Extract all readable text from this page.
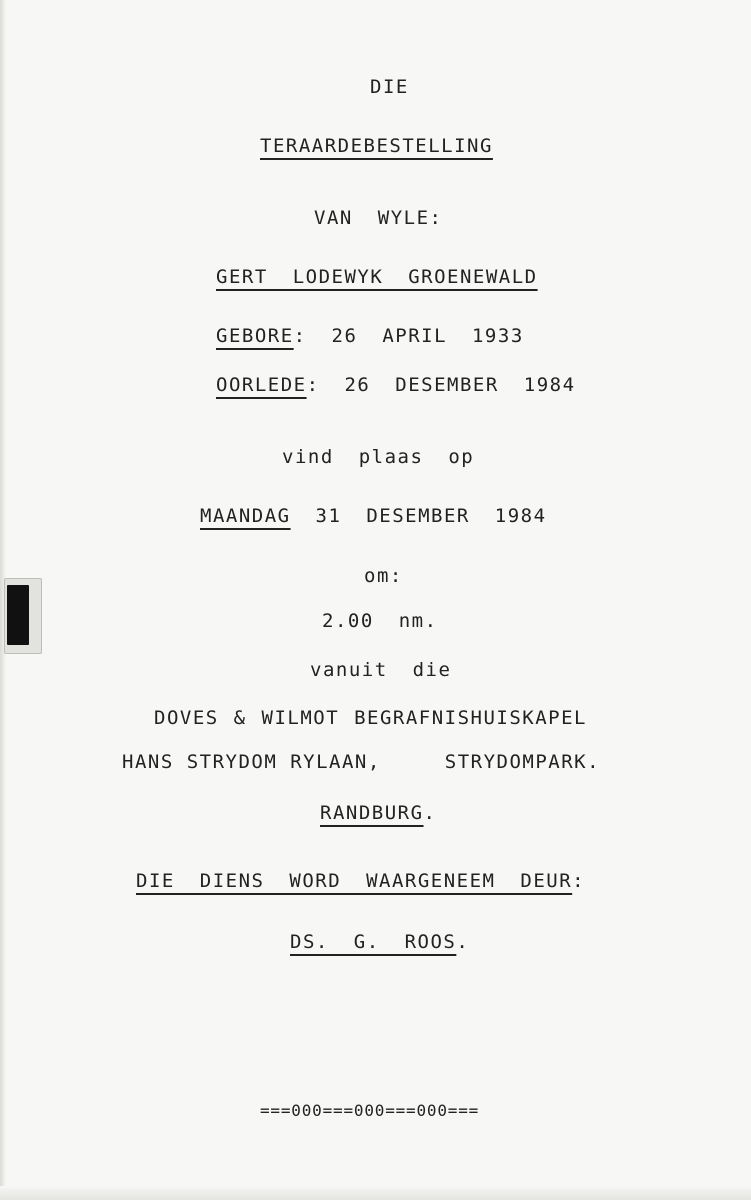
DIE
TERAARDEBESTELLING
VAN WYLE:
GERT LODEWYK GROENEWALD
GEBORE: 26 APRIL 1933
OORLEDE: 26 DESEMBER 1984
vind plaas op
MAANDAG 31 DESEMBER 1984
om:
2.00 nm.
vanuit die
DOVES & WILMOT BEGRAFNISHUISKAPEL
HANS STRYDOM RYLAAN,	STRYDOMPARK.
RANDBURG.
DIE DIENS WORD WAARGENEEM DEUR:
DS. G. ROOS.
===000===000===000===
